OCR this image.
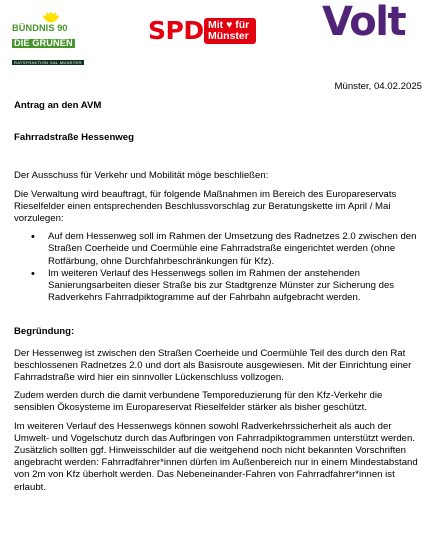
BÜNDNIS 90
DIE GRÜNEN
RATSFRAKTION GAL MÜNSTER
SPD Mit ♥ für
Münster Volt
Münster, 04.02.2025

Antrag an den AVM

Fahrradstraße Hessenweg

Der Ausschuss für Verkehr und Mobilität möge beschließen:

Die Verwaltung wird beauftragt, für folgende Maßnahmen im Bereich des Europareservats Rieselfelder einen entsprechenden Beschlussvorschlag zur Beratungskette im April / Mai vorzulegen:

• Auf dem Hessenweg soll im Rahmen der Umsetzung des Radnetzes 2.0 zwischen den Straßen Coerheide und Coermühle eine Fahrradstraße eingerichtet werden (ohne Rotfärbung, ohne Durchfahrbeschränkungen für Kfz).
• Im weiteren Verlauf des Hessenwegs sollen im Rahmen der anstehenden Sanierungsarbeiten dieser Straße bis zur Stadtgrenze Münster zur Sicherung des Radverkehrs Fahrradpiktogramme auf der Fahrbahn aufgebracht werden.

Begründung:

Der Hessenweg ist zwischen den Straßen Coerheide und Coermühle Teil des durch den Rat beschlossenen Radnetzes 2.0 und dort als Basisroute ausgewiesen. Mit der Einrichtung einer Fahrradstraße wird hier ein sinnvoller Lückenschluss vollzogen.

Zudem werden durch die damit verbundene Temporeduzierung für den Kfz-Verkehr die sensiblen Ökosysteme im Europareservat Rieselfelder stärker als bisher geschützt.

Im weiteren Verlauf des Hessenwegs können sowohl Radverkehrssicherheit als auch der Umwelt- und Vogelschutz durch das Aufbringen von Fahrradpiktogrammen unterstützt werden. Zusätzlich sollten ggf. Hinweisschilder auf die weitgehend noch nicht bekannten Vorschriften angebracht werden: Fahrradfahrer*innen dürfen im Außenbereich nur in einem Mindestabstand von 2m von Kfz überholt werden. Das Nebeneinander-Fahren von Fahrradfahrer*innen ist erlaubt.
